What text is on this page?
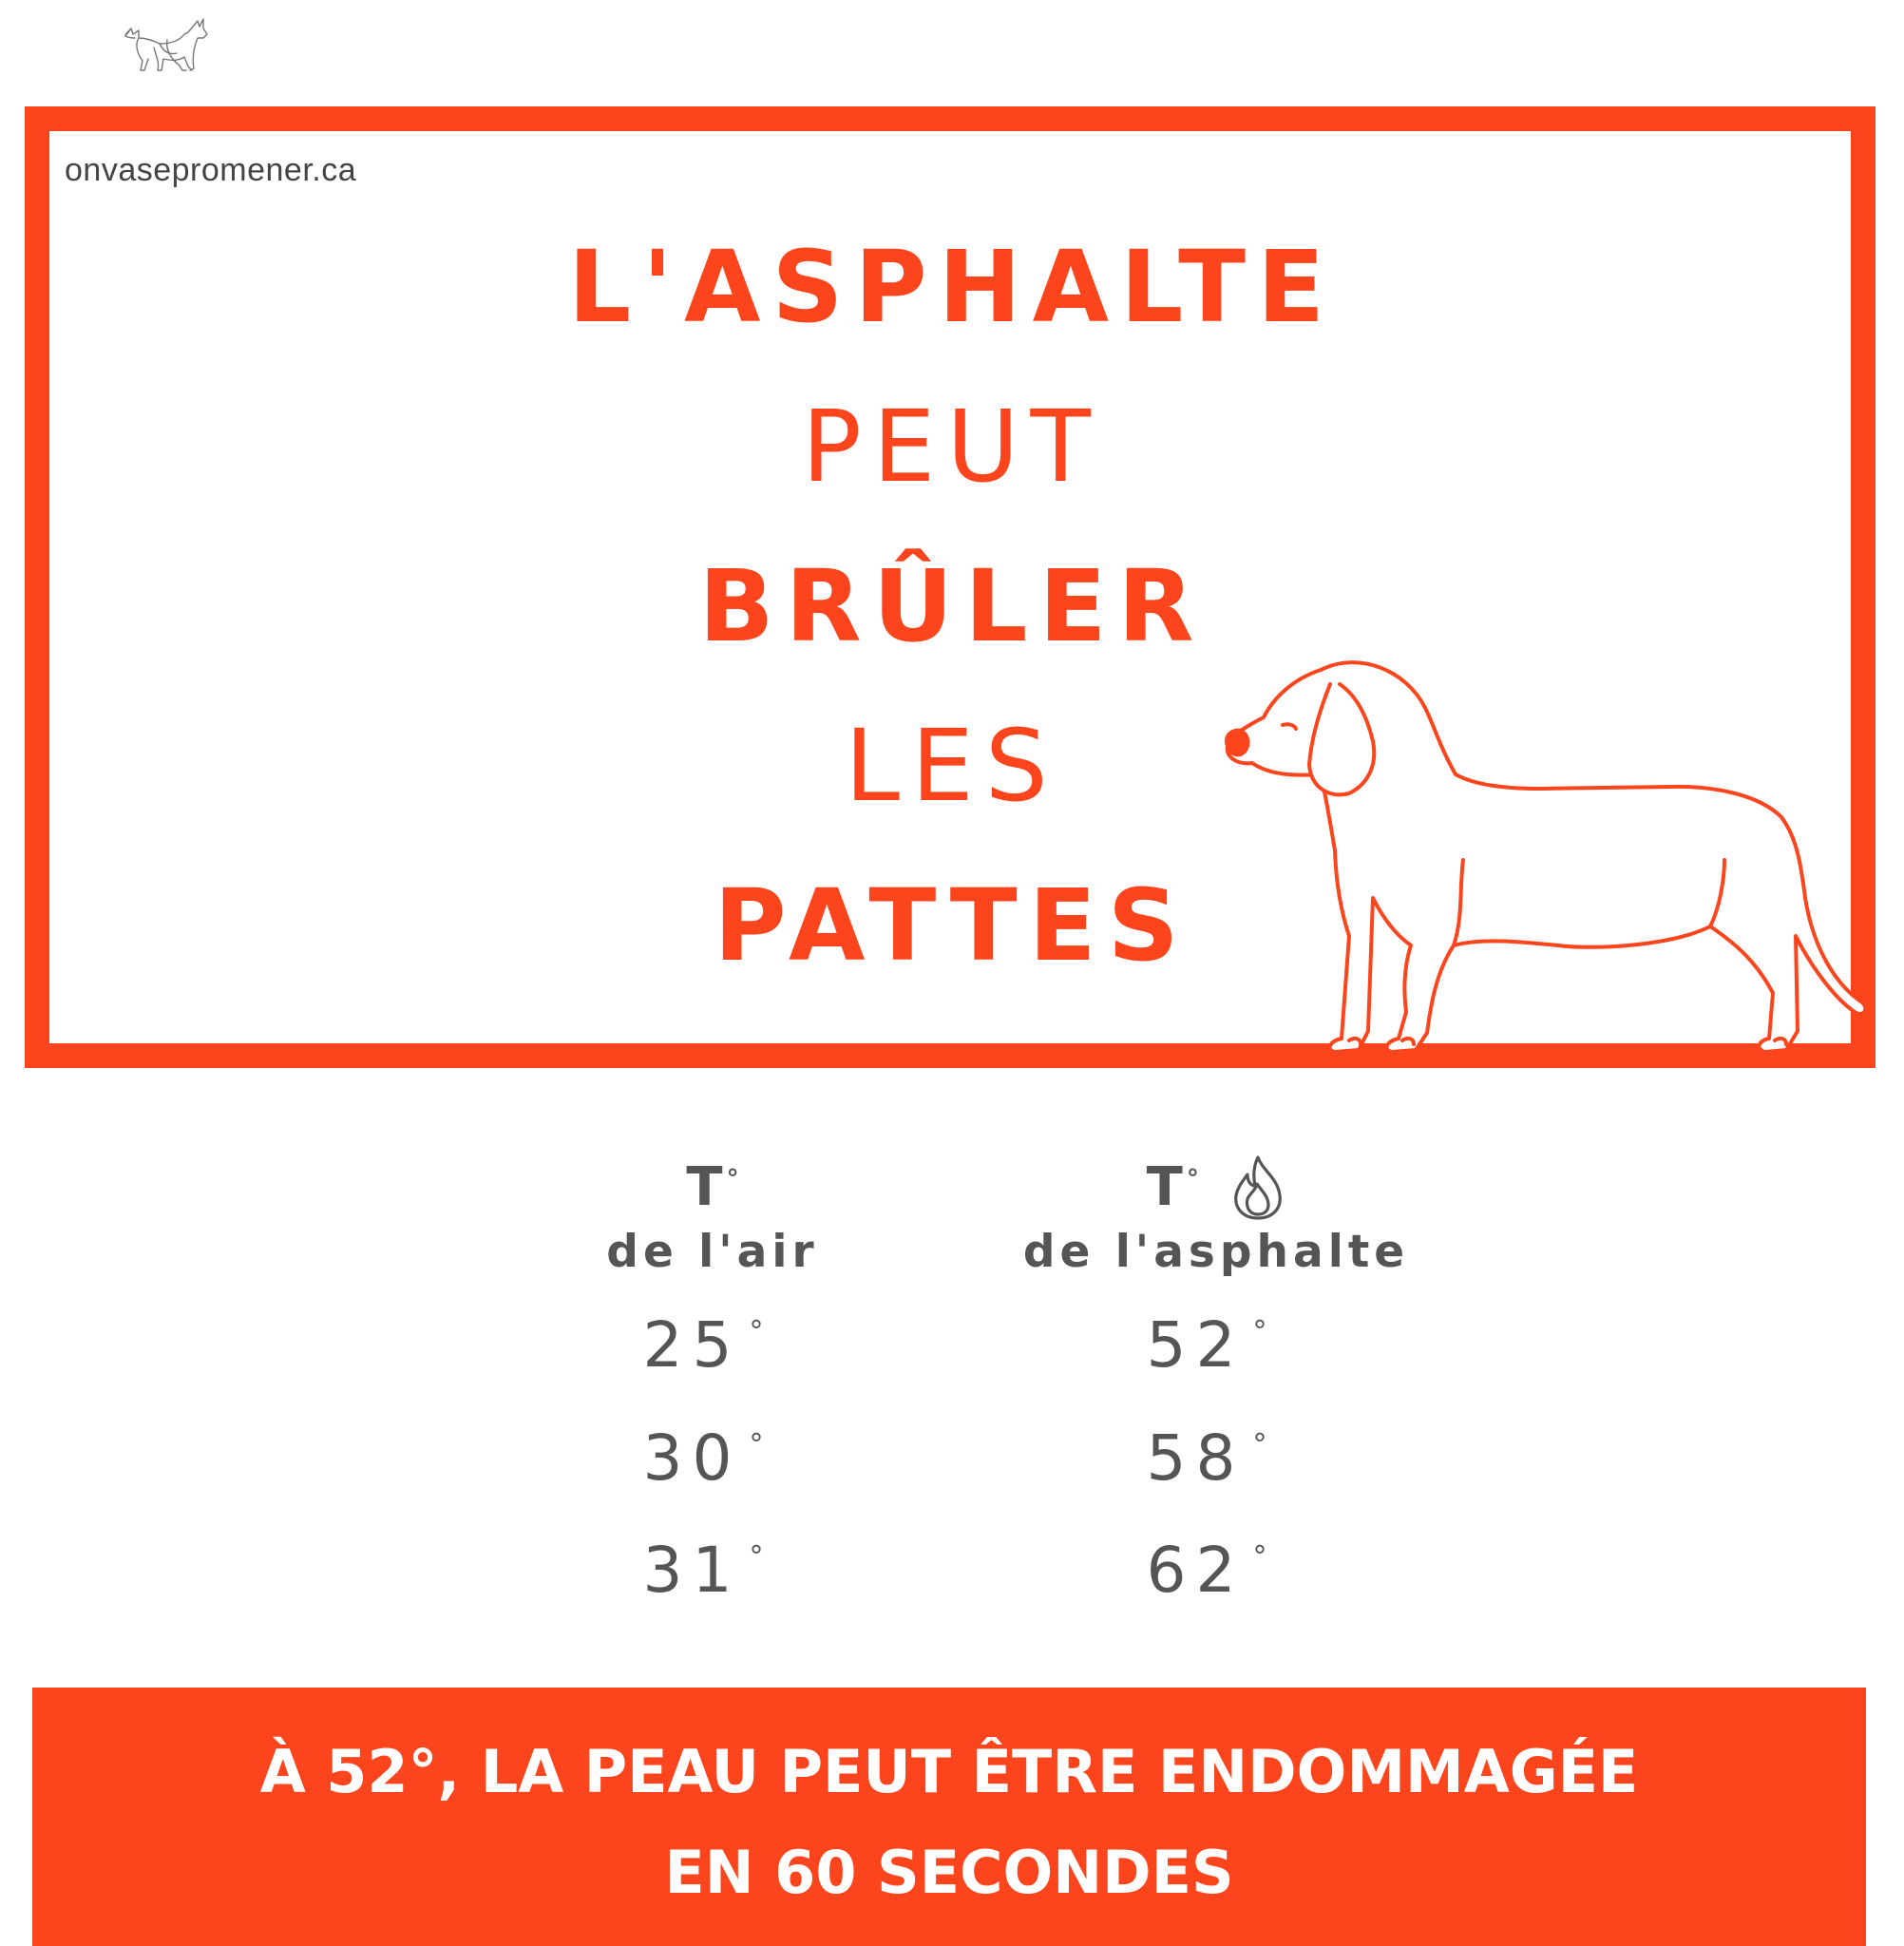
onvasepromener.ca
L'ASPHALTE
PEUT
BRÛLER
LES
PATTES
T °
de l'air
T °
de l'asphalte
25 °	52 °
30 °	58 °
31 °	62 °
À 52°, LA PEAU PEUT ÊTRE ENDOMMAGÉE
EN 60 SECONDES
